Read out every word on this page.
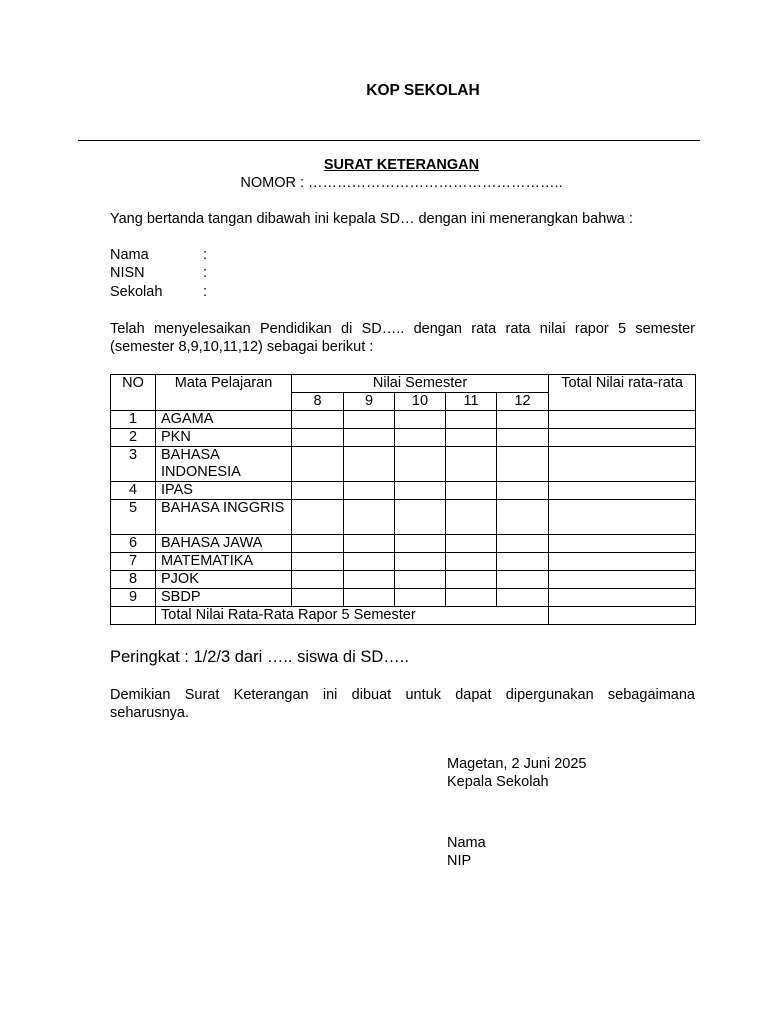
KOP SEKOLAH
SURAT KETERANGAN
NOMOR : ……………………………………………..
Yang bertanda tangan dibawah ini kepala SD… dengan ini menerangkan bahwa :
Nama	:
NISN	:
Sekolah	:
Telah menyelesaikan Pendidikan di SD….. dengan rata rata nilai rapor 5 semester (semester 8,9,10,11,12) sebagai berikut :
NO	Mata Pelajaran	Nilai Semester					Total Nilai rata-rata
		8	9	10	11	12	
1	AGAMA						
2	PKN						
3	BAHASA INDONESIA						
4	IPAS						
5	BAHASA INGGRIS						
6	BAHASA JAWA						
7	MATEMATIKA						
8	PJOK						
9	SBDP						
	Total Nilai Rata-Rata Rapor 5 Semester						
Peringkat : 1/2/3 dari ….. siswa di SD…..
Demikian Surat Keterangan ini dibuat untuk dapat dipergunakan sebagaimana seharusnya.
Magetan, 2 Juni 2025
Kepala Sekolah
Nama
NIP
